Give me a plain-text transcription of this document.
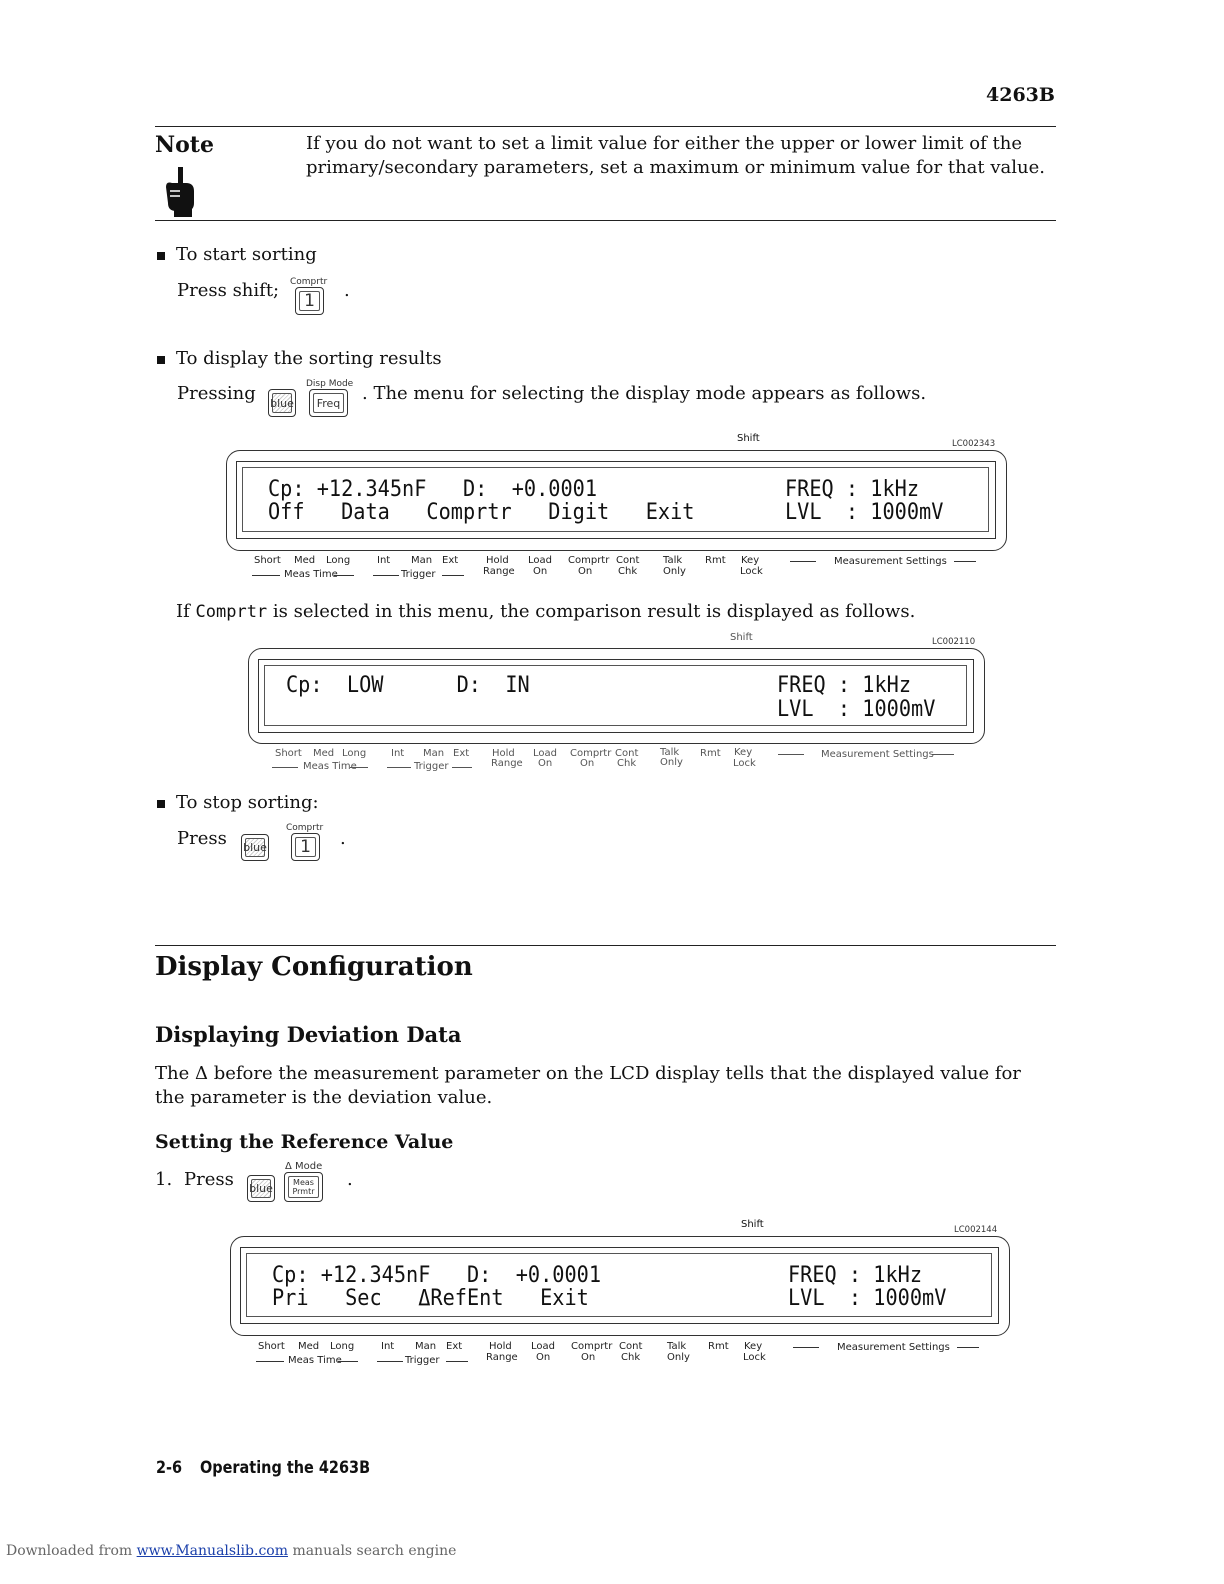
4263B
Note	If you do not want to set a limit value for either the upper or lower limit of the primary/secondary parameters, set a maximum or minimum value for that value.
To start sorting
Press shift; Comprtr
1 .
To display the sorting results
Pressing blue
Disp Mode
Freq . The menu for selecting the display mode appears as follows.
Shift	LC002343
Cp: +12.345nF   D:  +0.0001
Off   Data   Comprtr   Digit   Exit
FREQ : 1kHz
LVL  : 1000mV
Short Med Long
Meas Time
Int Man Ext
Trigger
Hold
Range
Load
On
Comprtr
On
Cont
Chk
Talk
Only
Rmt Key
Lock
Measurement Settings
If Comprtr is selected in this menu, the comparison result is displayed as follows.
Shift	LC002110
Cp:  LOW      D:  IN	FREQ : 1kHz
LVL  : 1000mV
Short Med Long
Meas Time
Int Man Ext
Trigger
Hold
Range
Load
On
Comprtr
On
Cont
Chk
Talk
Only
Rmt Key
Lock
Measurement Settings
To stop sorting:
Press blue
Comprtr
1 .
Display Configuration
Displaying Deviation Data
The Δ before the measurement parameter on the LCD display tells that the displayed value for the parameter is the deviation value.
Setting the Reference Value
1. Press blue
Δ Mode
Meas
Prmtr
.
Shift	LC002144
Cp: +12.345nF   D:  +0.0001
Pri   Sec   ΔRefEnt   Exit
FREQ : 1kHz
LVL  : 1000mV
Short Med Long
Meas Time
Int Man Ext
Trigger
Hold
Range
Load
On
Comprtr
On
Cont
Chk
Talk
Only
Rmt Key
Lock
Measurement Settings
2-6 Operating the 4263B
Downloaded from www.Manualslib.com manuals search engine
